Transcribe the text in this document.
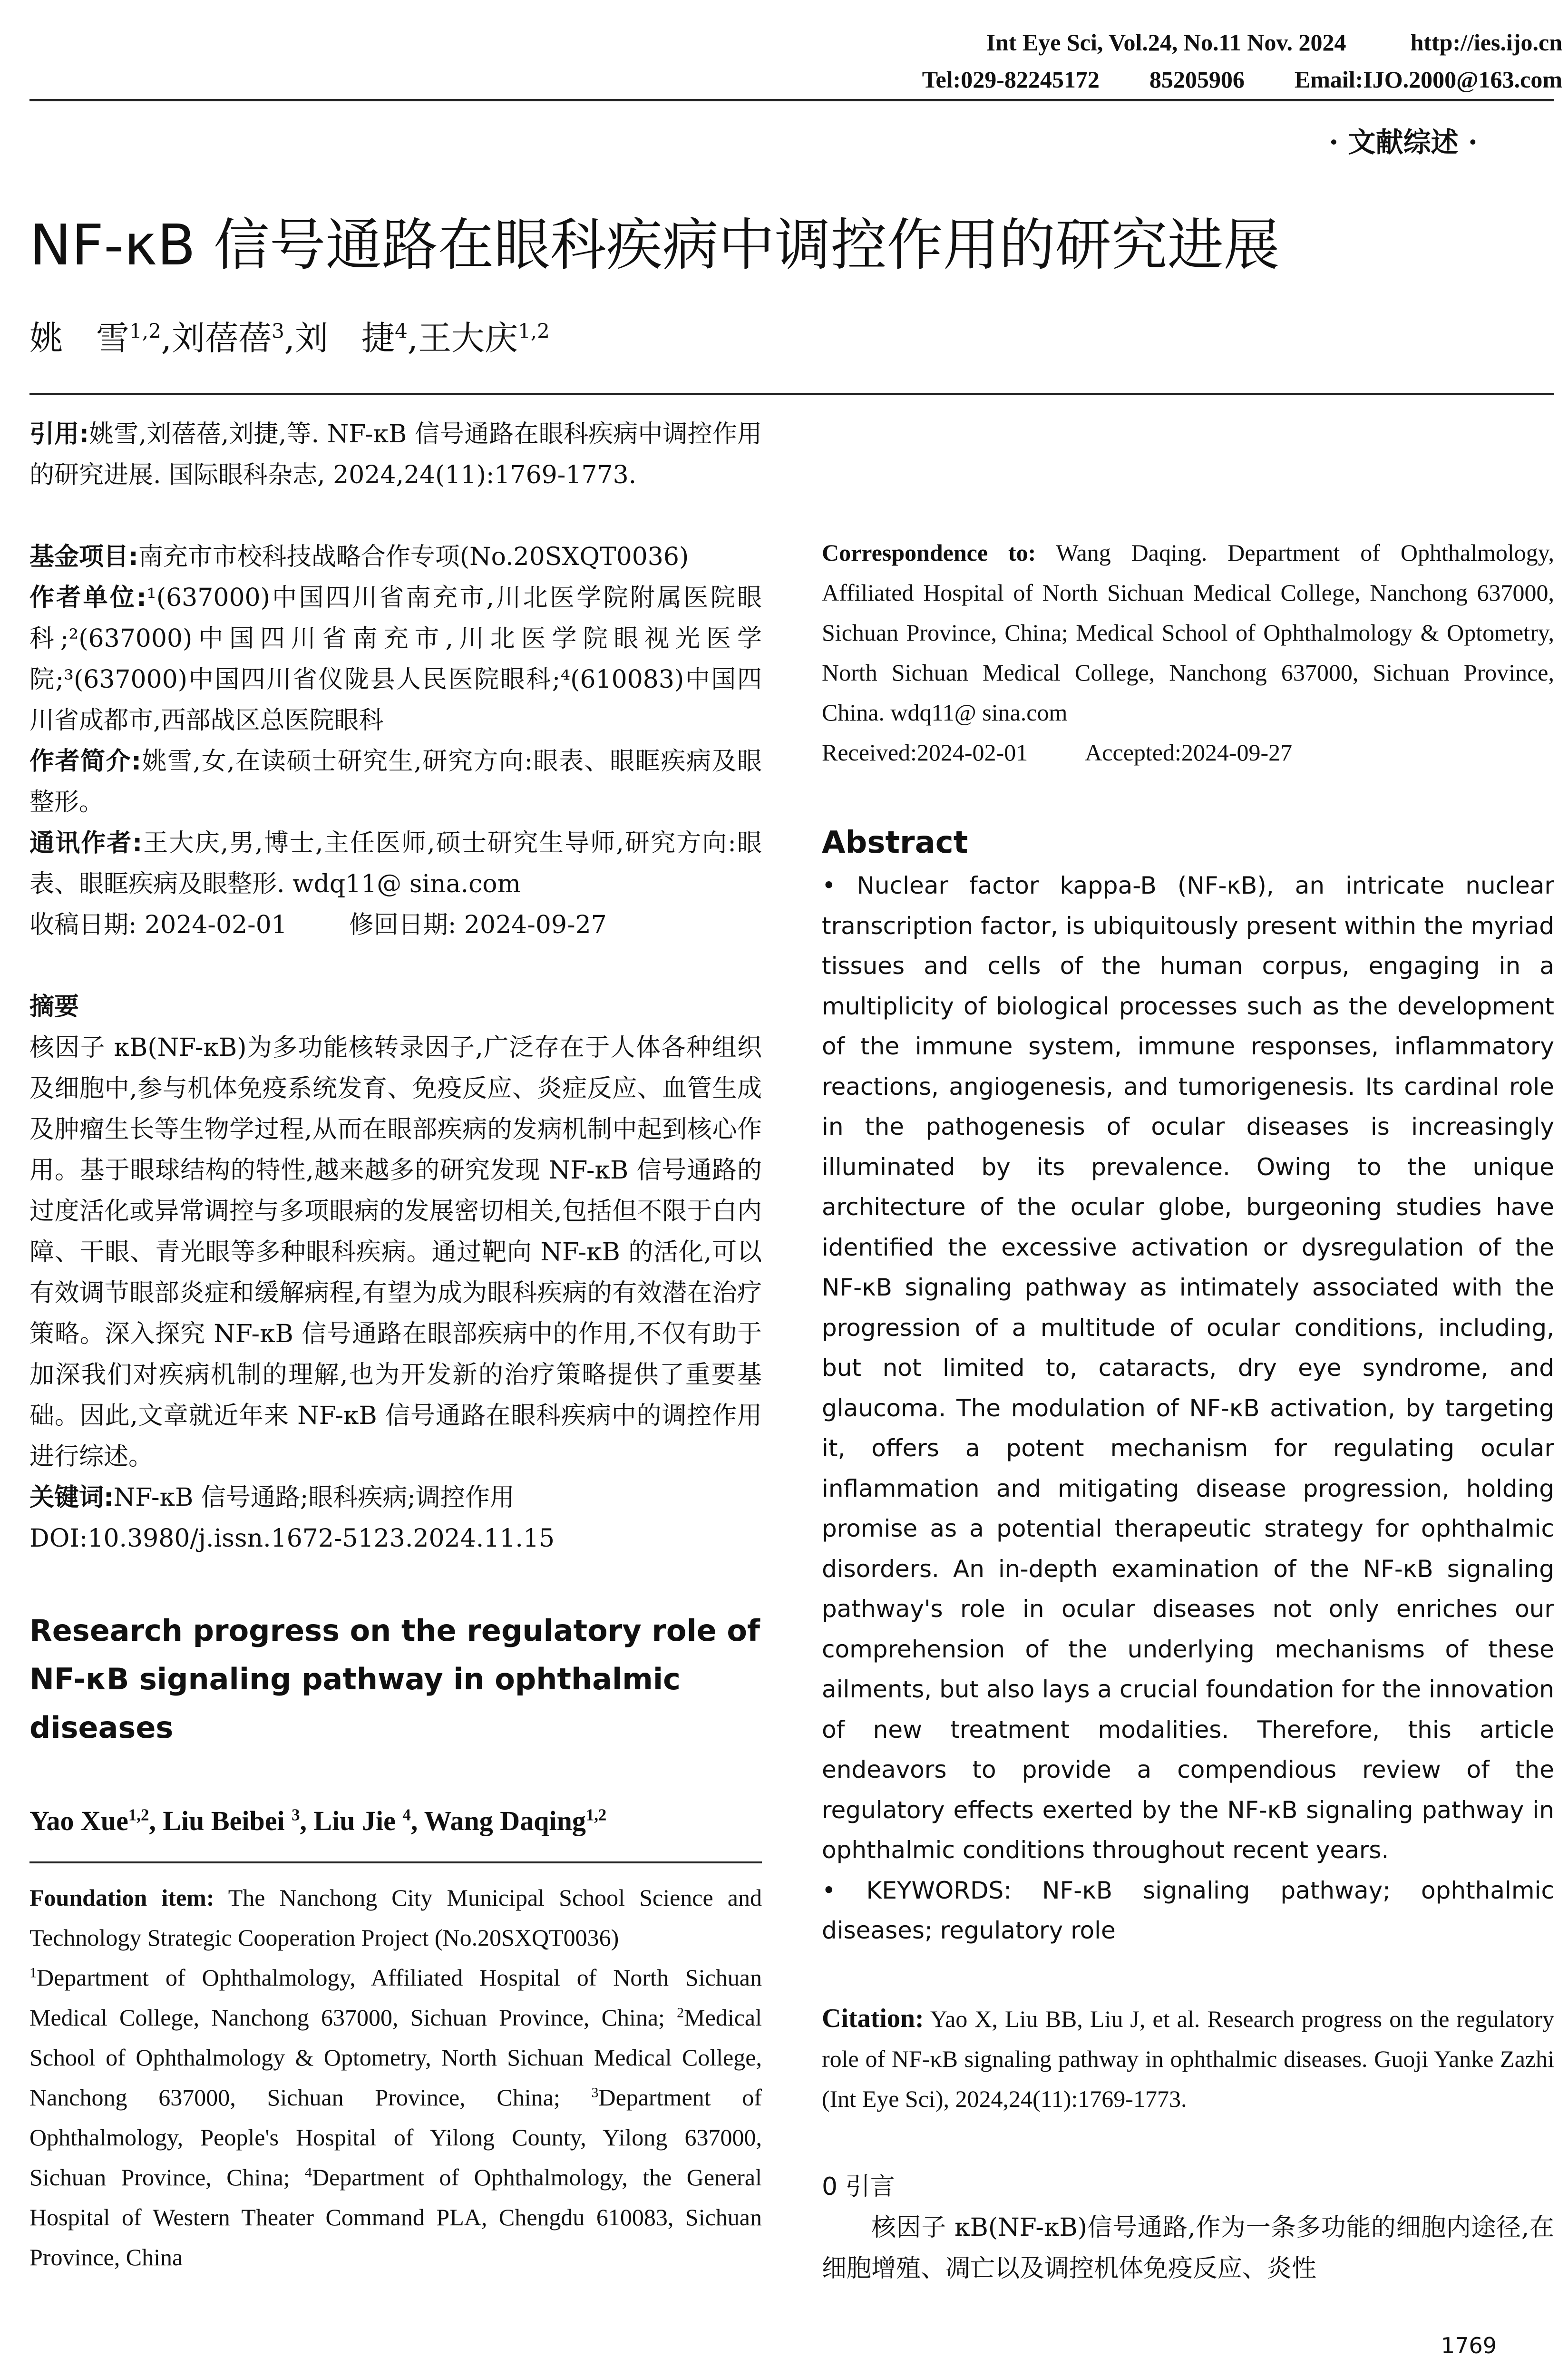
Int Eye Sci, Vol.24, No.11 Nov. 2024	http://ies.ijo.cn
Tel:029-82245172 85205906 Email:IJO.2000@163.com
· 文献综述 ·
NF-κB 信号通路在眼科疾病中调控作用的研究进展
姚　雪$^{1,2}$,刘蓓蓓$^3$,刘　捷$^4$,王大庆$^{1,2}$

引用:姚雪,刘蓓蓓,刘捷,等. NF-κB 信号通路在眼科疾病中调控作用的研究进展. 国际眼科杂志, 2024,24(11):1769-1773.

基金项目:南充市市校科技战略合作专项(No.20SXQT0036)

作者单位:¹(637000)中国四川省南充市,川北医学院附属医院眼科;²(637000)中国四川省南充市,川北医学院眼视光医学院;³(637000)中国四川省仪陇县人民医院眼科;⁴(610083)中国四川省成都市,西部战区总医院眼科

作者简介:姚雪,女,在读硕士研究生,研究方向:眼表、眼眶疾病及眼整形。

通讯作者:王大庆,男,博士,主任医师,硕士研究生导师,研究方向:眼表、眼眶疾病及眼整形. wdq11@ sina.com

收稿日期: 2024-02-01	修回日期: 2024-09-27

摘要

核因子 κB(NF-κB)为多功能核转录因子,广泛存在于人体各种组织及细胞中,参与机体免疫系统发育、免疫反应、炎症反应、血管生成及肿瘤生长等生物学过程,从而在眼部疾病的发病机制中起到核心作用。基于眼球结构的特性,越来越多的研究发现 NF-κB 信号通路的过度活化或异常调控与多项眼病的发展密切相关,包括但不限于白内障、干眼、青光眼等多种眼科疾病。通过靶向 NF-κB 的活化,可以有效调节眼部炎症和缓解病程,有望为成为眼科疾病的有效潜在治疗策略。深入探究 NF-κB 信号通路在眼部疾病中的作用,不仅有助于加深我们对疾病机制的理解,也为开发新的治疗策略提供了重要基础。因此,文章就近年来 NF-κB 信号通路在眼科疾病中的调控作用进行综述。

关键词:NF-κB 信号通路;眼科疾病;调控作用

DOI:10.3980/j.issn.1672-5123.2024.11.15

Research progress on the regulatory role of NF-κB signaling pathway in ophthalmic diseases

Yao Xue$^{1,2}$, Liu Beibei $^3$, Liu Jie $^4$, Wang Daqing$^{1,2}$

Foundation item: The Nanchong City Municipal School Science and Technology Strategic Cooperation Project (No.20SXQT0036)

$^1$Department of Ophthalmology, Affiliated Hospital of North Sichuan Medical College, Nanchong 637000, Sichuan Province, China; $^2$Medical School of Ophthalmology & Optometry, North Sichuan Medical College, Nanchong 637000, Sichuan Province, China; $^3$Department of Ophthalmology, People's Hospital of Yilong County, Yilong 637000, Sichuan Province, China; $^4$Department of Ophthalmology, the General Hospital of Western Theater Command PLA, Chengdu 610083, Sichuan Province, China

Correspondence to: Wang Daqing. Department of Ophthalmology, Affiliated Hospital of North Sichuan Medical College, Nanchong 637000, Sichuan Province, China; Medical School of Ophthalmology & Optometry, North Sichuan Medical College, Nanchong 637000, Sichuan Province, China. wdq11@ sina.com

Received:2024-02-01 Accepted:2024-09-27

Abstract

• Nuclear factor kappa-B (NF-κB), an intricate nuclear transcription factor, is ubiquitously present within the myriad tissues and cells of the human corpus, engaging in a multiplicity of biological processes such as the development of the immune system, immune responses, inflammatory reactions, angiogenesis, and tumorigenesis. Its cardinal role in the pathogenesis of ocular diseases is increasingly illuminated by its prevalence. Owing to the unique architecture of the ocular globe, burgeoning studies have identified the excessive activation or dysregulation of the NF-κB signaling pathway as intimately associated with the progression of a multitude of ocular conditions, including, but not limited to, cataracts, dry eye syndrome, and glaucoma. The modulation of NF-κB activation, by targeting it, offers a potent mechanism for regulating ocular inflammation and mitigating disease progression, holding promise as a potential therapeutic strategy for ophthalmic disorders. An in-depth examination of the NF-κB signaling pathway's role in ocular diseases not only enriches our comprehension of the underlying mechanisms of these ailments, but also lays a crucial foundation for the innovation of new treatment modalities. Therefore, this article endeavors to provide a compendious review of the regulatory effects exerted by the NF-κB signaling pathway in ophthalmic conditions throughout recent years.

• KEYWORDS: NF-κB signaling pathway; ophthalmic diseases; regulatory role

Citation: Yao X, Liu BB, Liu J, et al. Research progress on the regulatory role of NF-κB signaling pathway in ophthalmic diseases. Guoji Yanke Zazhi (Int Eye Sci), 2024,24(11):1769-1773.

0 引言

核因子 κB(NF-κB)信号通路,作为一条多功能的细胞内途径,在细胞增殖、凋亡以及调控机体免疫反应、炎性

1769
